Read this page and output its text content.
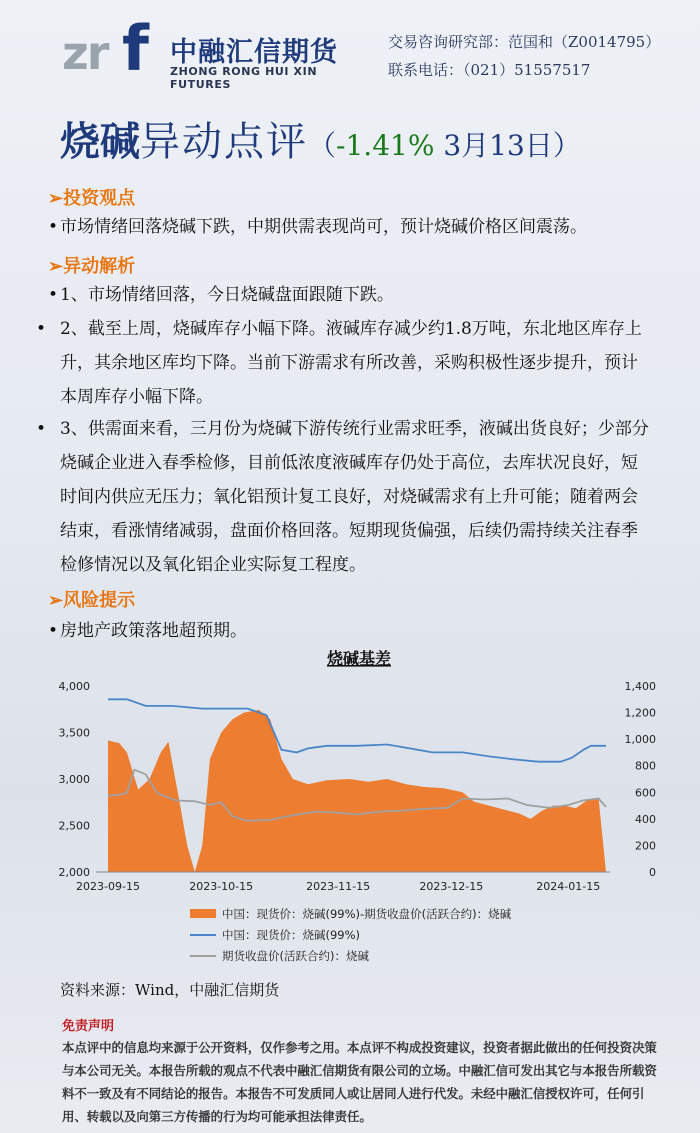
zr f 中融汇信期货
ZHONG RONG HUI XIN FUTURES
交易咨询研究部：范国和（Z0014795）
联系电话：（021）51557517
烧碱异动点评（-1.41% 3月13日）
➢投资观点
• 市场情绪回落烧碱下跌，中期供需表现尚可，预计烧碱价格区间震荡。
➢异动解析
• 1、市场情绪回落，今日烧碱盘面跟随下跌。
• 2、截至上周，烧碱库存小幅下降。液碱库存减少约1.8万吨，东北地区库存上升，其余地区库均下降。当前下游需求有所改善，采购积极性逐步提升，预计本周库存小幅下降。
• 3、供需面来看，三月份为烧碱下游传统行业需求旺季，液碱出货良好；少部分烧碱企业进入春季检修，目前低浓度液碱库存仍处于高位，去库状况良好，短时间内供应无压力；氧化铝预计复工良好，对烧碱需求有上升可能；随着两会结束，看涨情绪减弱，盘面价格回落。短期现货偏强，后续仍需持续关注春季检修情况以及氧化铝企业实际复工程度。
➢风险提示
• 房地产政策落地超预期。
烧碱基差
2,000
2,500
3,000
3,500
4,000
0
200
400
600
800
1,000
1,200
1,400
2023-09-15	2023-10-15	2023-11-15	2023-12-15	2024-01-15
中国：现货价：烧碱(99%)-期货收盘价(活跃合约)：烧碱
中国：现货价：烧碱(99%)
期货收盘价(活跃合约)：烧碱
资料来源：Wind，中融汇信期货
免责声明
本点评中的信息均来源于公开资料，仅作参考之用。本点评不构成投资建议，投资者据此做出的任何投资决策与本公司无关。本报告所载的观点不代表中融汇信期货有限公司的立场。中融汇信可发出其它与本报告所载资料不一致及有不同结论的报告。本报告不可发质同人或让居同人进行代发。未经中融汇信授权许可，任何引用、转载以及向第三方传播的行为均可能承担法律责任。
